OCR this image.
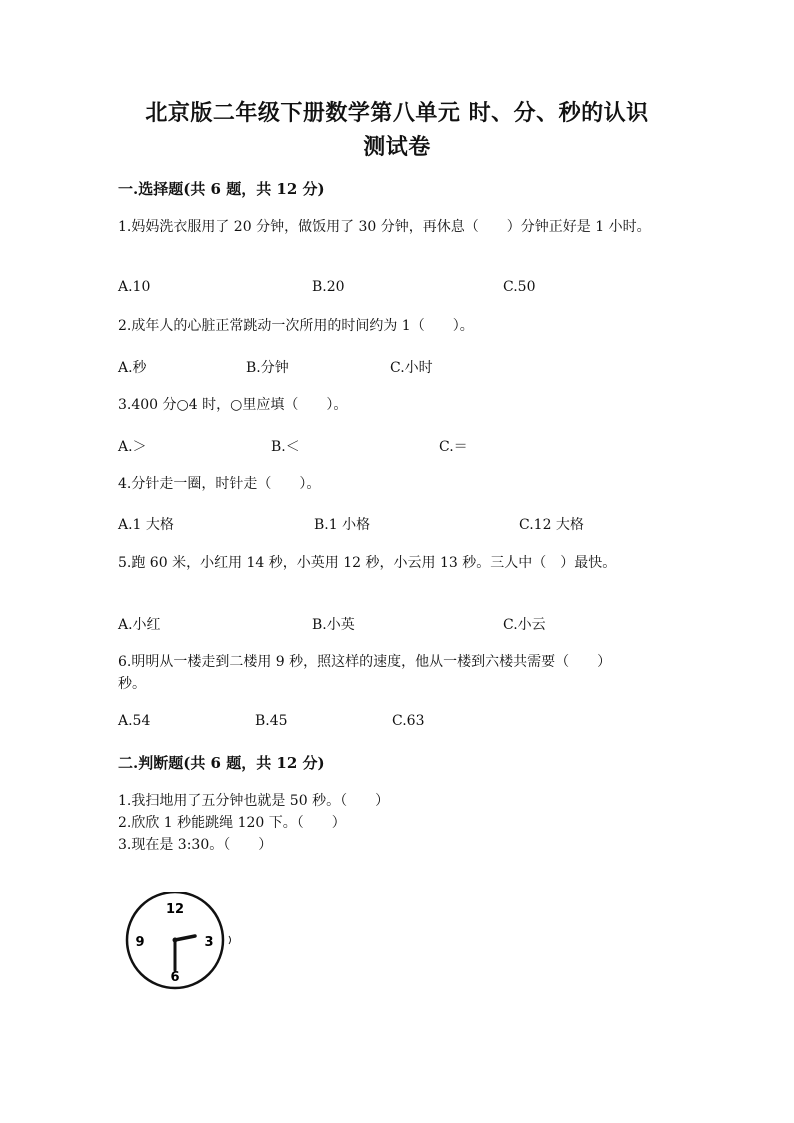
北京版二年级下册数学第八单元 时、分、秒的认识
测试卷
一.选择题(共 6 题，共 12 分)
1.妈妈洗衣服用了 20 分钟，做饭用了 30 分钟，再休息（　　）分钟正好是 1 小时。
A.10	B.20	C.50
2.成年人的心脏正常跳动一次所用的时间约为 1（　　）。
A.秒	B.分钟	C.小时
3.400 分○4 时，○里应填（　　）。
A.＞	B.＜	C.＝
4.分针走一圈，时针走（　　）。
A.1 大格	B.1 小格	C.12 大格
5.跑 60 米，小红用 14 秒，小英用 12 秒，小云用 13 秒。三人中（　）最快。
A.小红	B.小英	C.小云
6.明明从一楼走到二楼用 9 秒，照这样的速度，他从一楼到六楼共需要（　　）秒。
A.54	B.45	C.63
二.判断题(共 6 题，共 12 分)
1.我扫地用了五分钟也就是 50 秒。（　　）
2.欣欣 1 秒能跳绳 120 下。（　　）
3.现在是 3:30。（　　）
12
3
6
9
